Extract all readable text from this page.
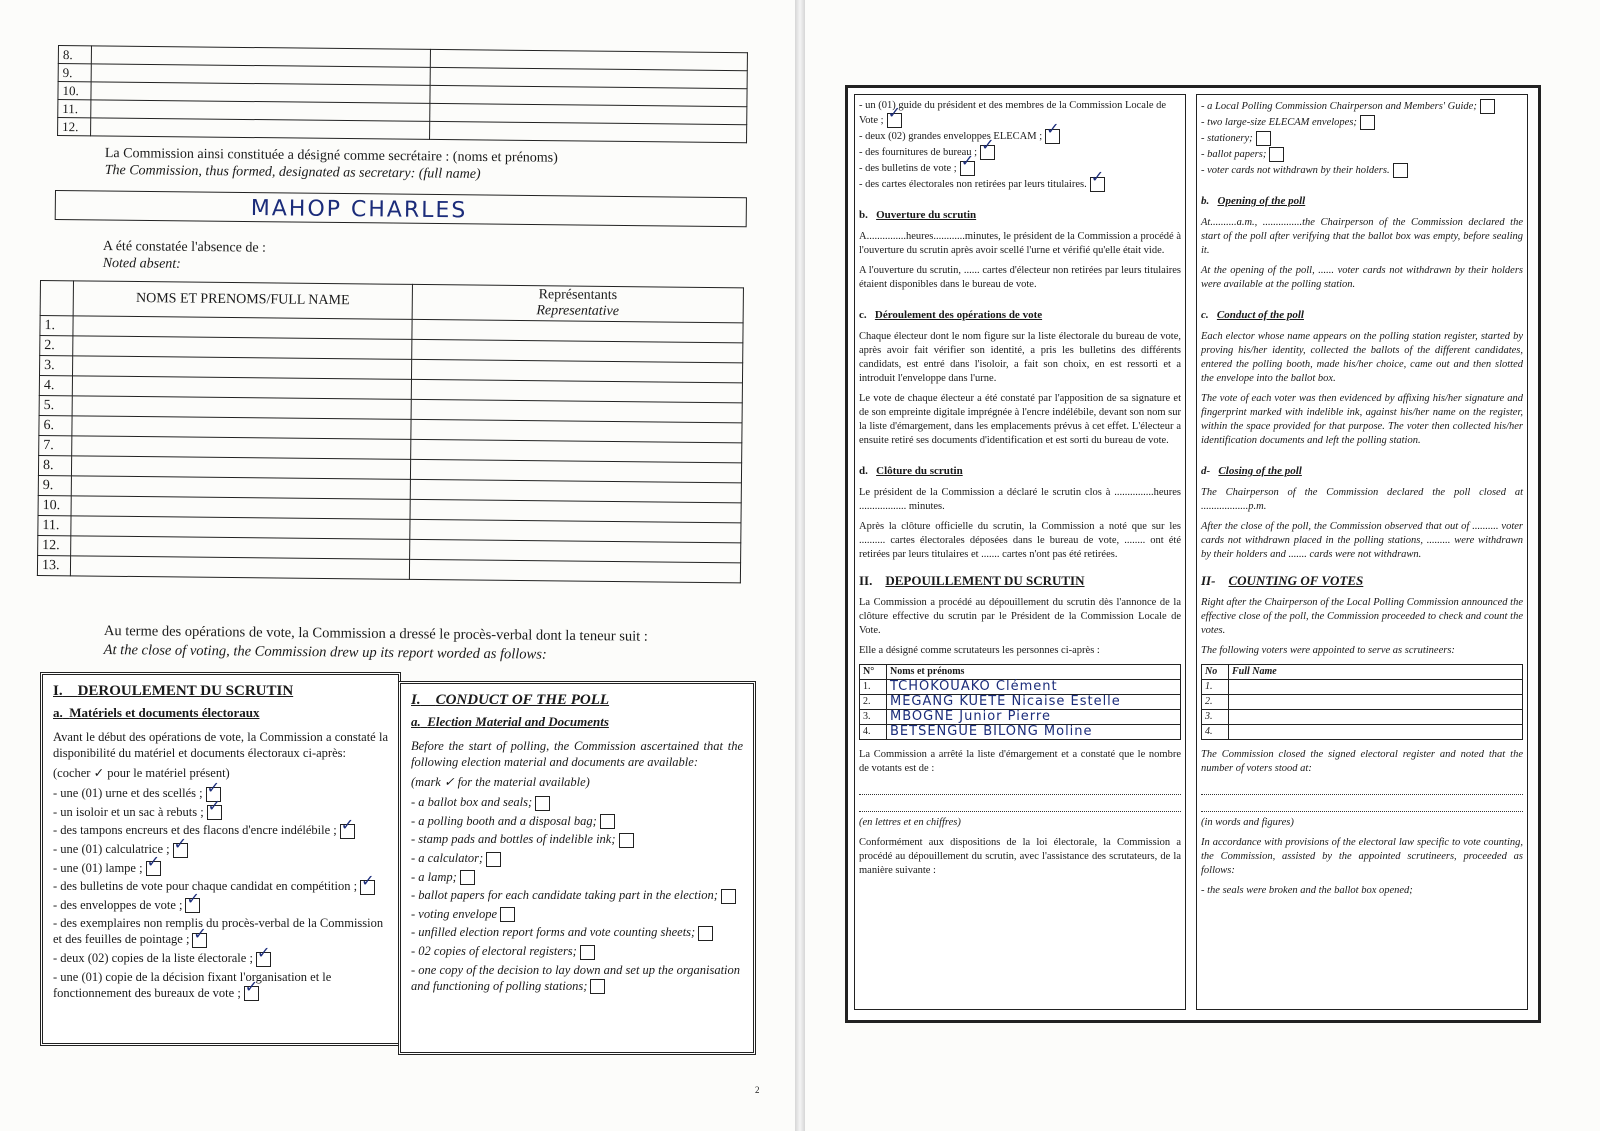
8.		
9.		
10.		
11.		
12.		
La Commission ainsi constituée a désigné comme secrétaire : (noms et prénoms)
The Commission, thus formed, designated as secretary: (full name)
MAHOP CHARLES
A été constatée l'absence de :
Noted absent:
	NOMS ET PRENOMS/FULL NAME	Représentants
Representative
1.		
2.		
3.		
4.		
5.		
6.		
7.		
8.		
9.		
10.		
11.		
12.		
13.		
Au terme des opérations de vote, la Commission a dressé le procès-verbal dont la teneur suit :
At the close of voting, the Commission drew up its report worded as follows:
I. DEROULEMENT DU SCRUTIN
a. Matériels et documents électoraux

Avant le début des opérations de vote, la Commission a constaté la disponibilité du matériel et documents électoraux ci-après:

(cocher ✓ pour le matériel présent)

- une (01) urne et des scellés ;✓
- un isoloir et un sac à rebuts ;✓
- des tampons encreurs et des flacons d'encre indélébile ;✓
- une (01) calculatrice ;✓
- une (01) lampe ;✓
- des bulletins de vote pour chaque candidat en compétition ;✓
- des enveloppes de vote ;✓
- des exemplaires non remplis du procès-verbal de la Commission et des feuilles de pointage ;✓
- deux (02) copies de la liste électorale ;✓
- une (01) copie de la décision fixant l'organisation et le fonctionnement des bureaux de vote ;✓
I. CONDUCT OF THE POLL
a. Election Material and Documents

Before the start of polling, the Commission ascertained that the following election material and documents are available:

(mark ✓ for the material available)

- a ballot box and seals;
- a polling booth and a disposal bag;
- stamp pads and bottles of indelible ink;
- a calculator;
- a lamp;
- ballot papers for each candidate taking part in the election;
- voting envelope
- unfilled election report forms and vote counting sheets;
- 02 copies of electoral registers;
- one copy of the decision to lay down and set up the organisation and functioning of polling stations;
2
- un (01) guide du président et des membres de la Commission Locale de Vote ;✓
- deux (02) grandes enveloppes ELECAM ;✓
- des fournitures de bureau ;✓
- des bulletins de vote ;✓
- des cartes électorales non retirées par leurs titulaires.✓
b. Ouverture du scrutin

A...............heures............minutes, le président de la Commission a procédé à l'ouverture du scrutin après avoir scellé l'urne et vérifié qu'elle était vide.

A l'ouverture du scrutin, ...... cartes d'électeur non retirées par leurs titulaires étaient disponibles dans le bureau de vote.

c. Déroulement des opérations de vote

Chaque électeur dont le nom figure sur la liste électorale du bureau de vote, après avoir fait vérifier son identité, a pris les bulletins des différents candidats, est entré dans l'isoloir, a fait son choix, en est ressorti et a introduit l'enveloppe dans l'urne.

Le vote de chaque électeur a été constaté par l'apposition de sa signature et de son empreinte digitale imprégnée à l'encre indélébile, devant son nom sur la liste d'émargement, dans les emplacements prévus à cet effet. L'électeur a ensuite retiré ses documents d'identification et est sorti du bureau de vote.

d. Clôture du scrutin

Le président de la Commission a déclaré le scrutin clos à ...............heures .................. minutes.

Après la clôture officielle du scrutin, la Commission a noté que sur les .......... cartes électorales déposées dans le bureau de vote, ........ ont été retirées par leurs titulaires et ....... cartes n'ont pas été retirées.

II. DEPOUILLEMENT DU SCRUTIN

La Commission a procédé au dépouillement du scrutin dès l'annonce de la clôture effective du scrutin par le Président de la Commission Locale de Vote.

Elle a désigné comme scrutateurs les personnes ci-après :

N°	Noms et prénoms
1.	TCHOKOUAKO Clément
2.	MEGANG KUETE Nicaise Estelle
3.	MBOGNE Junior Pierre
4.	BETSENGUE BILONG Moline

La Commission a arrêté la liste d'émargement et a constaté que le nombre de votants est de :

(en lettres et en chiffres)

Conformément aux dispositions de la loi électorale, la Commission a procédé au dépouillement du scrutin, avec l'assistance des scrutateurs, de la manière suivante :

- a Local Polling Commission Chairperson and Members' Guide;
- two large-size ELECAM envelopes;
- stationery;
- ballot papers;
- voter cards not withdrawn by their holders.
b. Opening of the poll

At..........a.m., ...............the Chairperson of the Commission declared the start of the poll after verifying that the ballot box was empty, before sealing it.

At the opening of the poll, ...... voter cards not withdrawn by their holders were available at the polling station.

c. Conduct of the poll

Each elector whose name appears on the polling station register, started by proving his/her identity, collected the ballots of the different candidates, entered the polling booth, made his/her choice, came out and then slotted the envelope into the ballot box.

The vote of each voter was then evidenced by affixing his/her signature and fingerprint marked with indelible ink, against his/her name on the register, within the space provided for that purpose. The voter then collected his/her identification documents and left the polling station.

d- Closing of the poll

The Chairperson of the Commission declared the poll closed at ..................p.m.

After the close of the poll, the Commission observed that out of .......... voter cards not withdrawn placed in the polling stations, ......... were withdrawn by their holders and ....... cards were not withdrawn.

II- COUNTING OF VOTES

Right after the Chairperson of the Local Polling Commission announced the effective close of the poll, the Commission proceeded to check and count the votes.

The following voters were appointed to serve as scrutineers:

No	Full Name
1.	
2.	
3.	
4.	

The Commission closed the signed electoral register and noted that the number of voters stood at:

(in words and figures)

In accordance with provisions of the electoral law specific to vote counting, the Commission, assisted by the appointed scrutineers, proceeded as follows:

- the seals were broken and the ballot box opened;
